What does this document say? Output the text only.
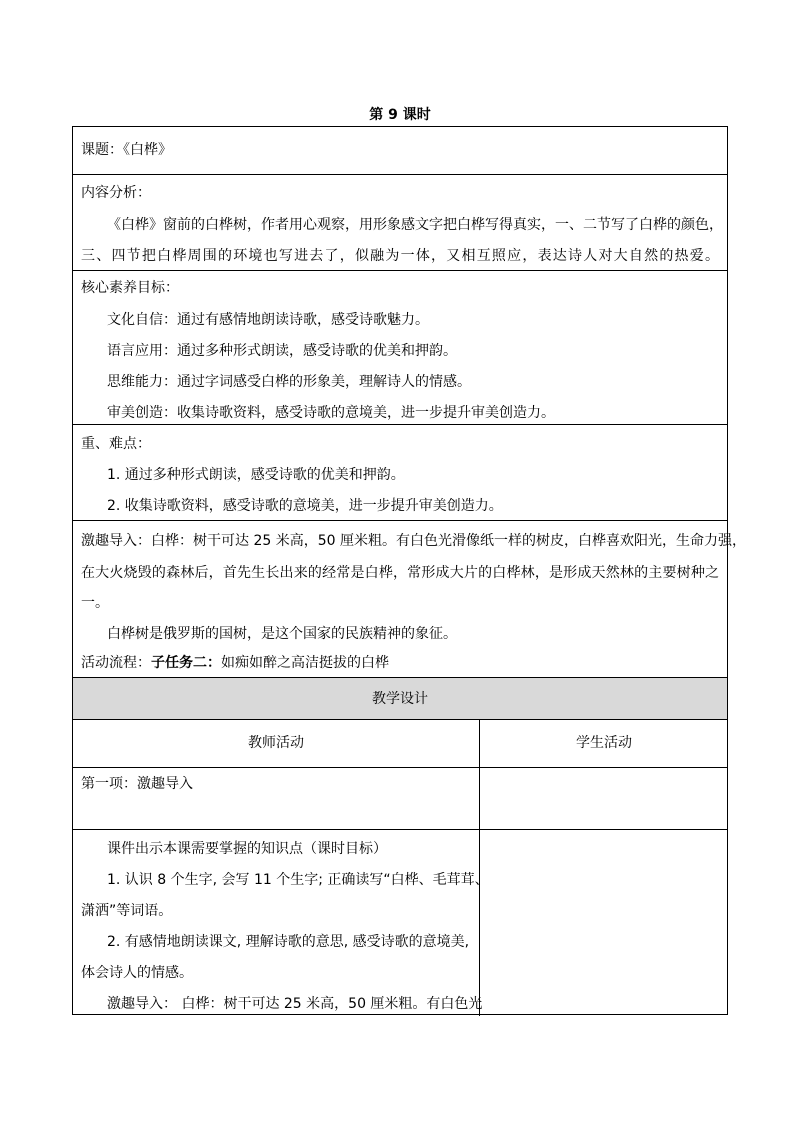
第 9 课时
课题：《白桦》
内容分析：
《白桦》窗前的白桦树，作者用心观察，用形象感文字把白桦写得真实，一、二节写了白桦的颜色，
三、四节把白桦周围的环境也写进去了，似融为一体，又相互照应，表达诗人对大自然的热爱。
核心素养目标：
文化自信：通过有感情地朗读诗歌，感受诗歌魅力。
语言应用：通过多种形式朗读，感受诗歌的优美和押韵。
思维能力：通过字词感受白桦的形象美，理解诗人的情感。
审美创造：收集诗歌资料，感受诗歌的意境美，进一步提升审美创造力。
重、难点：
1. 通过多种形式朗读，感受诗歌的优美和押韵。
2. 收集诗歌资料，感受诗歌的意境美，进一步提升审美创造力。
激趣导入：白桦：树干可达 25 米高，50 厘米粗。有白色光滑像纸一样的树皮，白桦喜欢阳光，生命力强，
在大火烧毁的森林后，首先生长出来的经常是白桦，常形成大片的白桦林，是形成天然林的主要树种之
一。
白桦树是俄罗斯的国树，是这个国家的民族精神的象征。
活动流程：子任务二：如痴如醉之高洁挺拔的白桦
教学设计
教师活动	学生活动
第一项：激趣导入
课件出示本课需要掌握的知识点（课时目标）
1. 认识 8 个生字, 会写 11 个生字; 正确读写“白桦、毛茸茸、
潇洒”等词语。
2. 有感情地朗读课文, 理解诗歌的意思, 感受诗歌的意境美,
体会诗人的情感。
激趣导入： 白桦：树干可达 25 米高，50 厘米粗。有白色光
